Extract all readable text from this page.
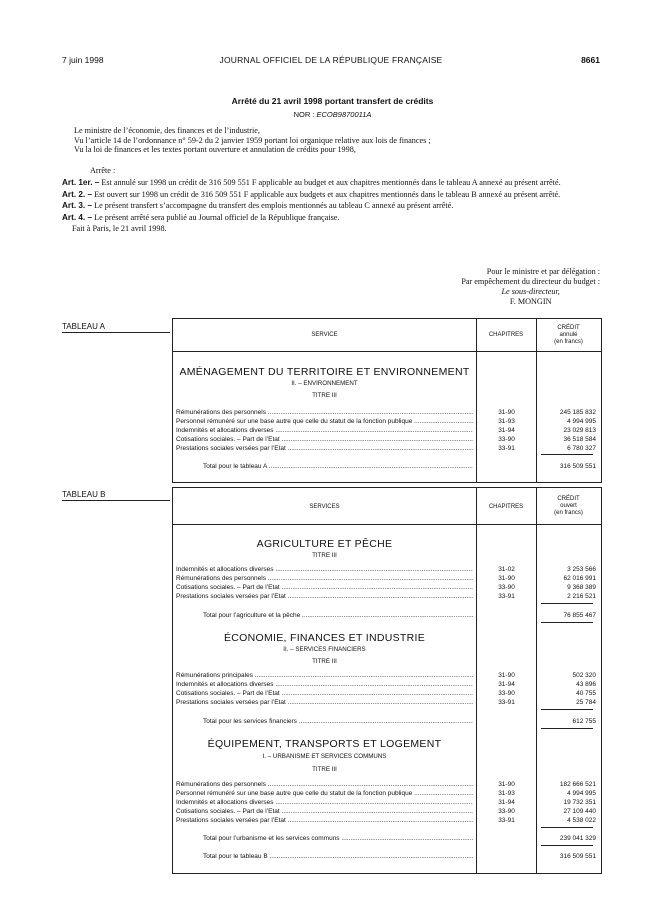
7 juin 1998	JOURNAL OFFICIEL DE LA RÉPUBLIQUE FRANÇAISE	8661
Arrêté du 21 avril 1998 portant transfert de crédits
NOR : ECOB9870011A

Le ministre de l’économie, des finances et de l’industrie,

Vu l’article 14 de l’ordonnance n° 59-2 du 2 janvier 1959 portant loi organique relative aux lois de finances ;

Vu la loi de finances et les textes portant ouverture et annulation de crédits pour 1998,

Arrête :

Art. 1er. – Est annulé sur 1998 un crédit de 316 509 551 F applicable au budget et aux chapitres mentionnés dans le tableau A annexé au présent arrêté.

Art. 2. – Est ouvert sur 1998 un crédit de 316 509 551 F applicable aux budgets et aux chapitres mentionnés dans le tableau B annexé au présent arrêté.

Art. 3. – Le présent transfert s’accompagne du transfert des emplois mentionnés au tableau C annexé au présent arrêté.

Art. 4. – Le présent arrêté sera publié au Journal officiel de la République française.

Fait à Paris, le 21 avril 1998.

Pour le ministre et par délégation :
Par empêchement du directeur du budget :
Le sous-directeur,
F. MONGIN
TABLEAU A
SERVICE	CHAPITRES
CRÉDIT
annulé
(en francs)
AMÉNAGEMENT DU TERRITOIRE ET ENVIRONNEMENT
II. – ENVIRONNEMENT
TITRE III
Rémunérations des personnels .....	31-90	245 185 832
Personnel rémunéré sur une base autre que celle du statut de la fonction publique .....	31-93	4 994 995
Indemnités et allocations diverses .....	31-94	23 029 813
Cotisations sociales. – Part de l’Etat .....	33-90	36 518 584
Prestations sociales versées par l’Etat .....	33-91	6 780 327
Total pour le tableau A .....	316 509 551
TABLEAU B
SERVICES	CHAPITRES
CRÉDIT
ouvert
(en francs)
AGRICULTURE ET PÊCHE
TITRE III
Indemnités et allocations diverses .....	31-02	3 253 566
Rémunérations des personnels .....	31-90	62 016 991
Cotisations sociales. – Part de l’Etat .....	33-90	9 368 389
Prestations sociales versées par l’Etat .....	33-91	2 216 521
Total pour l’agriculture et la pêche .....	76 855 467
ÉCONOMIE, FINANCES ET INDUSTRIE
II. – SERVICES FINANCIERS
TITRE III
Rémunérations principales .....	31-90	502 320
Indemnités et allocations diverses .....	31-94	43 896
Cotisations sociales. – Part de l’Etat .....	33-90	40 755
Prestations sociales versées par l’Etat .....	33-91	25 784
Total pour les services financiers .....	612 755
ÉQUIPEMENT, TRANSPORTS ET LOGEMENT
I. – URBANISME ET SERVICES COMMUNS
TITRE III
Rémunérations des personnels .....	31-90	182 666 521
Personnel rémunéré sur une base autre que celle du statut de la fonction publique .....	31-93	4 994 995
Indemnités et allocations diverses .....	31-94	19 732 351
Cotisations sociales. – Part de l’Etat .....	33-90	27 109 440
Prestations sociales versées par l’Etat .....	33-91	4 538 022
Total pour l’urbanisme et les services communs .....	239 041 329
Total pour le tableau B .....	316 509 551
